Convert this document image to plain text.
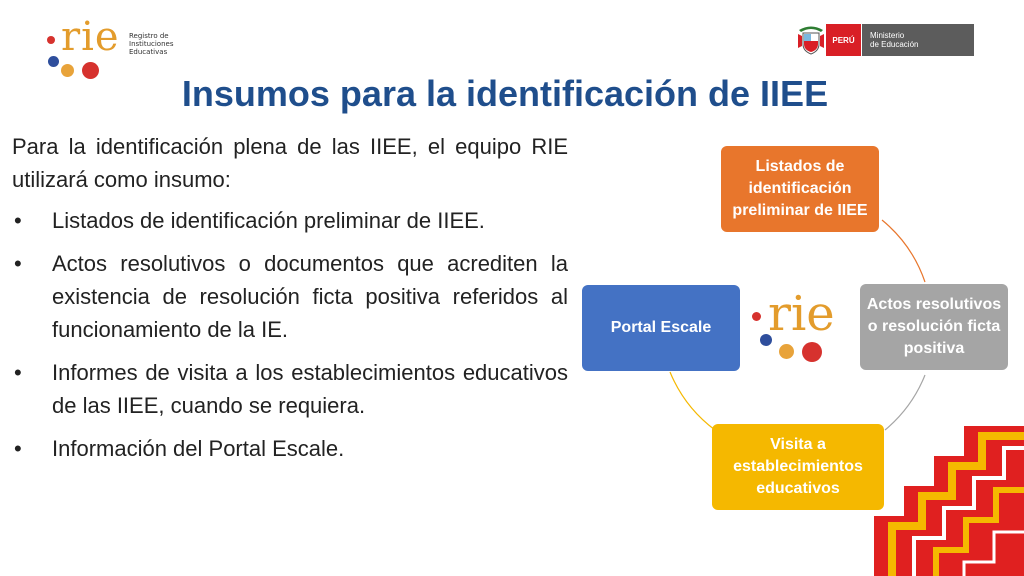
rie Registro de
Instituciones
Educativas
PERÚ	Ministerio
de Educación
Insumos para la identificación de IIEE

Para la identificación plena de las IIEE, el equipo RIE utilizará como insumo:

• Listados de identificación preliminar de IIEE.
• Actos resolutivos o documentos que acrediten la existencia de resolución ficta positiva referidos al funcionamiento de la IE.
• Informes de visita a los establecimientos educativos de las IIEE, cuando se requiera.
• Información del Portal Escale.
rie
Listados de identificación preliminar de IIEE
Actos resolutivos o resolución ficta positiva
Visita a establecimientos educativos
Portal Escale
